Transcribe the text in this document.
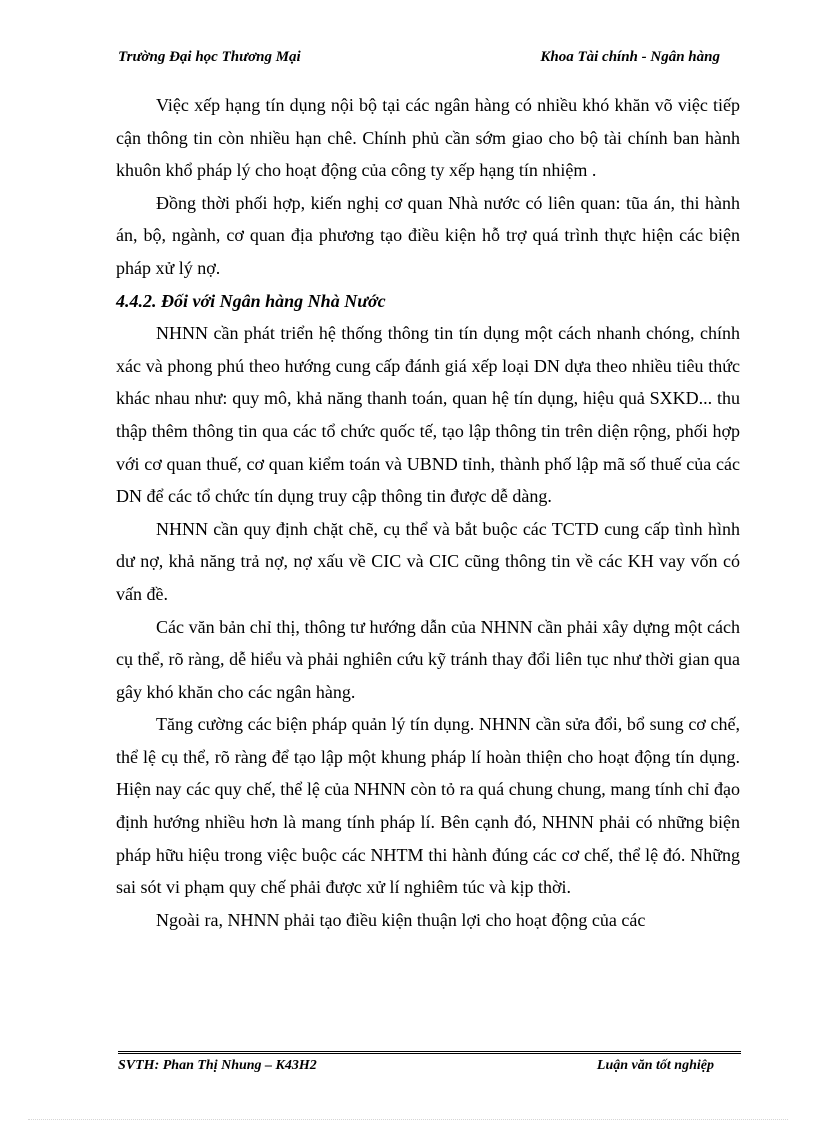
Trường Đại học Thương Mại	Khoa Tài chính - Ngân hàng

Việc xếp hạng tín dụng nội bộ tại các ngân hàng có nhiều khó khăn võ việc tiếp cận thông tin còn nhiều hạn chê. Chính phủ cần sớm giao cho bộ tài chính ban hành khuôn khổ pháp lý cho hoạt động của công ty xếp hạng tín nhiệm .

Đồng thời phối hợp, kiến nghị cơ quan Nhà nước có liên quan: tũa án, thi hành án, bộ, ngành, cơ quan địa phương tạo điều kiện hỗ trợ quá trình thực hiện các biện pháp xử lý nợ.

4.4.2. Đối với Ngân hàng Nhà Nước

NHNN cần phát triển hệ thống thông tin tín dụng một cách nhanh chóng, chính xác và phong phú theo hướng cung cấp đánh giá xếp loại DN dựa theo nhiều tiêu thức khác nhau như: quy mô, khả năng thanh toán, quan hệ tín dụng, hiệu quả SXKD... thu thập thêm thông tin qua các tổ chức quốc tế, tạo lập thông tin trên diện rộng, phối hợp với cơ quan thuế, cơ quan kiểm toán và UBND tỉnh, thành phố lập mã số thuế của các DN để các tổ chức tín dụng truy cập thông tin được dễ dàng.

NHNN cần quy định chặt chẽ, cụ thể và bắt buộc các TCTD cung cấp tình hình dư nợ, khả năng trả nợ, nợ xấu về CIC và CIC cũng thông tin về các KH vay vốn có vấn đề.

Các văn bản chỉ thị, thông tư hướng dẫn của NHNN cần phải xây dựng một cách cụ thể, rõ ràng, dễ hiểu và phải nghiên cứu kỹ tránh thay đổi liên tục như thời gian qua gây khó khăn cho các ngân hàng.

Tăng cường các biện pháp quản lý tín dụng. NHNN cần sửa đổi, bổ sung cơ chế, thể lệ cụ thể, rõ ràng để tạo lập một khung pháp lí hoàn thiện cho hoạt động tín dụng. Hiện nay các quy chế, thể lệ của NHNN còn tỏ ra quá chung chung, mang tính chỉ đạo định hướng nhiều hơn là mang tính pháp lí. Bên cạnh đó, NHNN phải có những biện pháp hữu hiệu trong việc buộc các NHTM thi hành đúng các cơ chế, thể lệ đó. Những sai sót vi phạm quy chế phải được xử lí nghiêm túc và kịp thời.

Ngoài ra, NHNN phải tạo điều kiện thuận lợi cho hoạt động của các

SVTH: Phan Thị Nhung – K43H2	Luận văn tốt nghiệp
